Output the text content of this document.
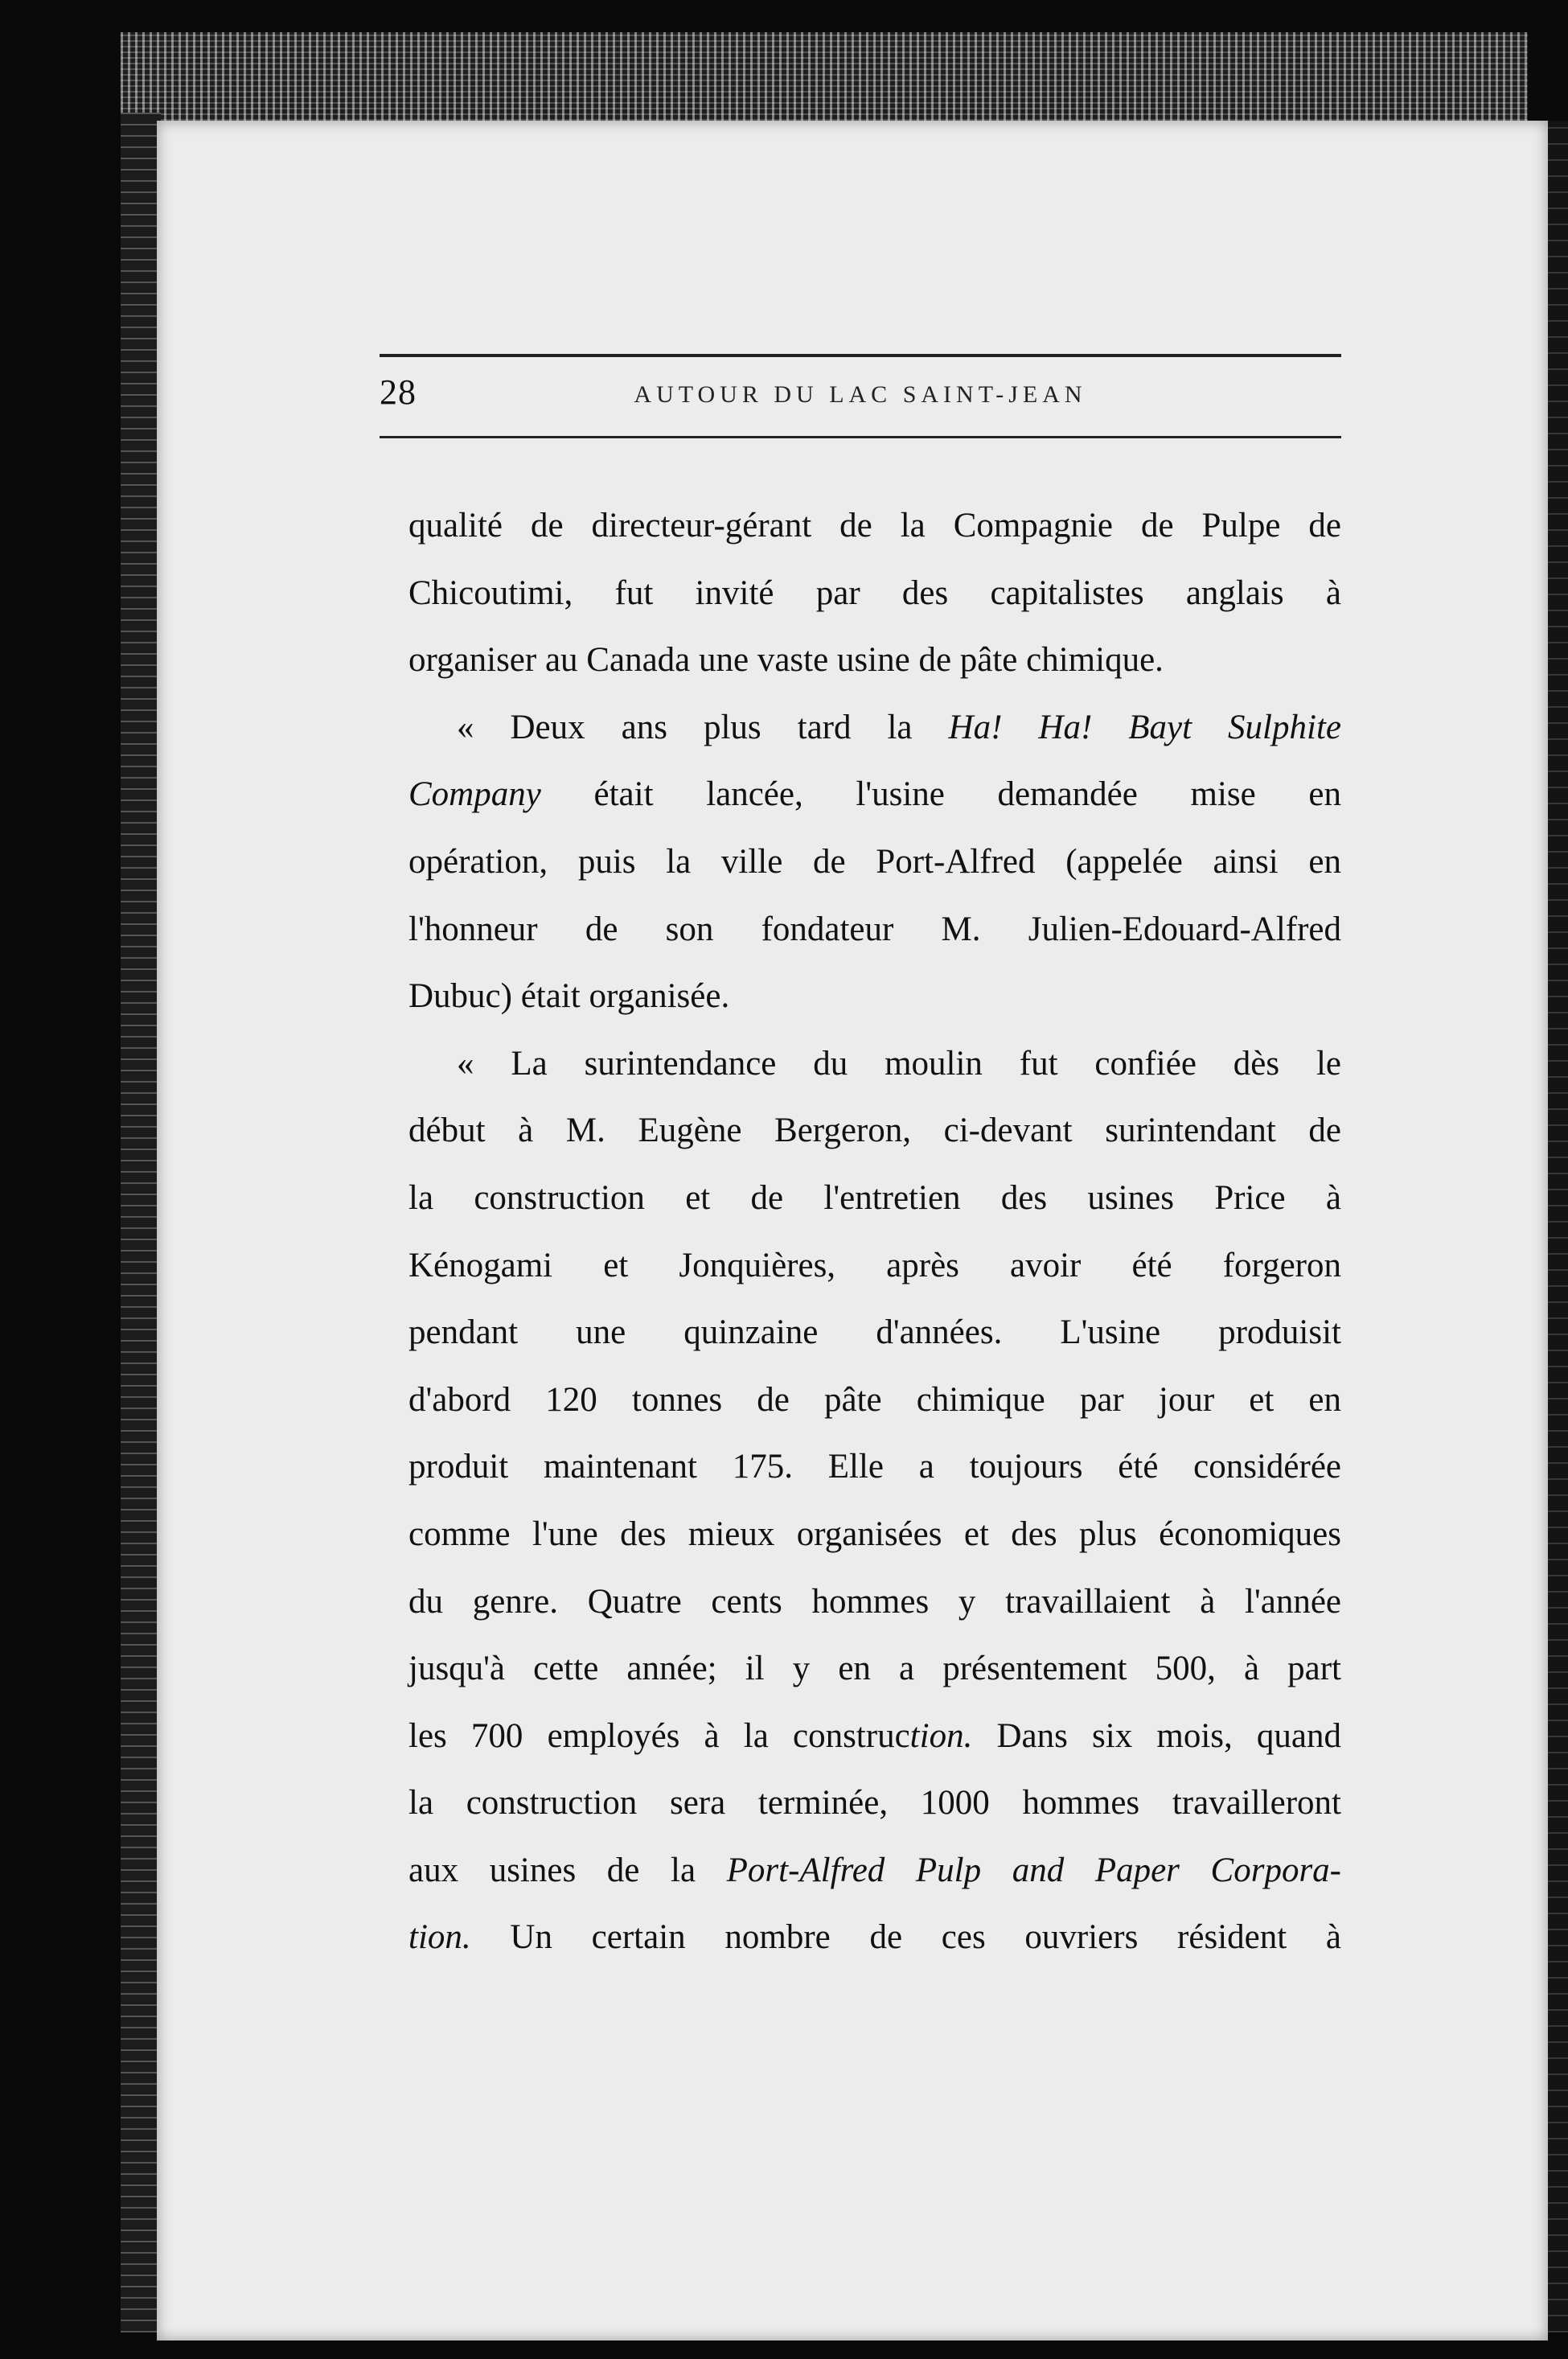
28	AUTOUR DU LAC SAINT-JEAN
qualité de directeur-gérant de la Compagnie de Pulpe de
Chicoutimi, fut invité par des capitalistes anglais à
organiser au Canada une vaste usine de pâte chimique.
« Deux ans plus tard la Ha! Ha! Bayt Sulphite
Company était lancée, l'usine demandée mise en
opération, puis la ville de Port-Alfred (appelée ainsi en
l'honneur de son fondateur M. Julien-Edouard-Alfred
Dubuc) était organisée.
« La surintendance du moulin fut confiée dès le
début à M. Eugène Bergeron, ci-devant surintendant de
la construction et de l'entretien des usines Price à
Kénogami et Jonquières, après avoir été forgeron
pendant une quinzaine d'années. L'usine produisit
d'abord 120 tonnes de pâte chimique par jour et en
produit maintenant 175. Elle a toujours été considérée
comme l'une des mieux organisées et des plus économiques
du genre. Quatre cents hommes y travaillaient à l'année
jusqu'à cette année; il y en a présentement 500, à part
les 700 employés à la construction. Dans six mois, quand
la construction sera terminée, 1000 hommes travailleront
aux usines de la Port-Alfred Pulp and Paper Corpora-
tion. Un certain nombre de ces ouvriers résident à
